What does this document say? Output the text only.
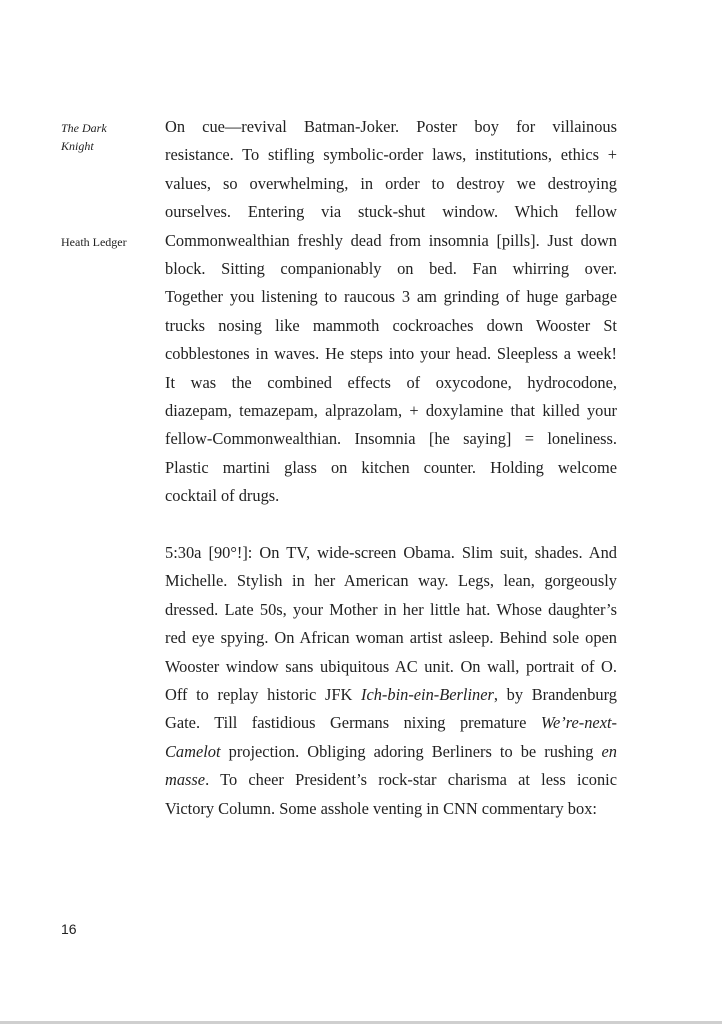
The Dark
Knight
Heath Ledger
On cue—revival Batman-Joker. Poster boy for villainous
resistance. To stifling symbolic-order laws, institutions, ethics +
values, so overwhelming, in order to destroy we destroying
ourselves. Entering via stuck-shut window. Which fellow
Commonwealthian freshly dead from insomnia [pills]. Just down
block. Sitting companionably on bed. Fan whirring over.
Together you listening to raucous 3 am grinding of huge garbage
trucks nosing like mammoth cockroaches down Wooster St
cobblestones in waves. He steps into your head. Sleepless a week!
It was the combined effects of oxycodone, hydrocodone,
diazepam, temazepam, alprazolam, + doxylamine that killed your
fellow-Commonwealthian. Insomnia [he saying] = loneliness.
Plastic martini glass on kitchen counter. Holding welcome
cocktail of drugs.
5:30a [90°!]: On TV, wide-screen Obama. Slim suit, shades. And
Michelle. Stylish in her American way. Legs, lean, gorgeously
dressed. Late 50s, your Mother in her little hat. Whose daughter’s
red eye spying. On African woman artist asleep. Behind sole open
Wooster window sans ubiquitous AC unit. On wall, portrait of O.
Off to replay historic JFK Ich-bin-ein-Berliner, by Brandenburg
Gate. Till fastidious Germans nixing premature We’re-next-
Camelot projection. Obliging adoring Berliners to be rushing en
masse. To cheer President’s rock-star charisma at less iconic
Victory Column. Some asshole venting in CNN commentary box:
16
